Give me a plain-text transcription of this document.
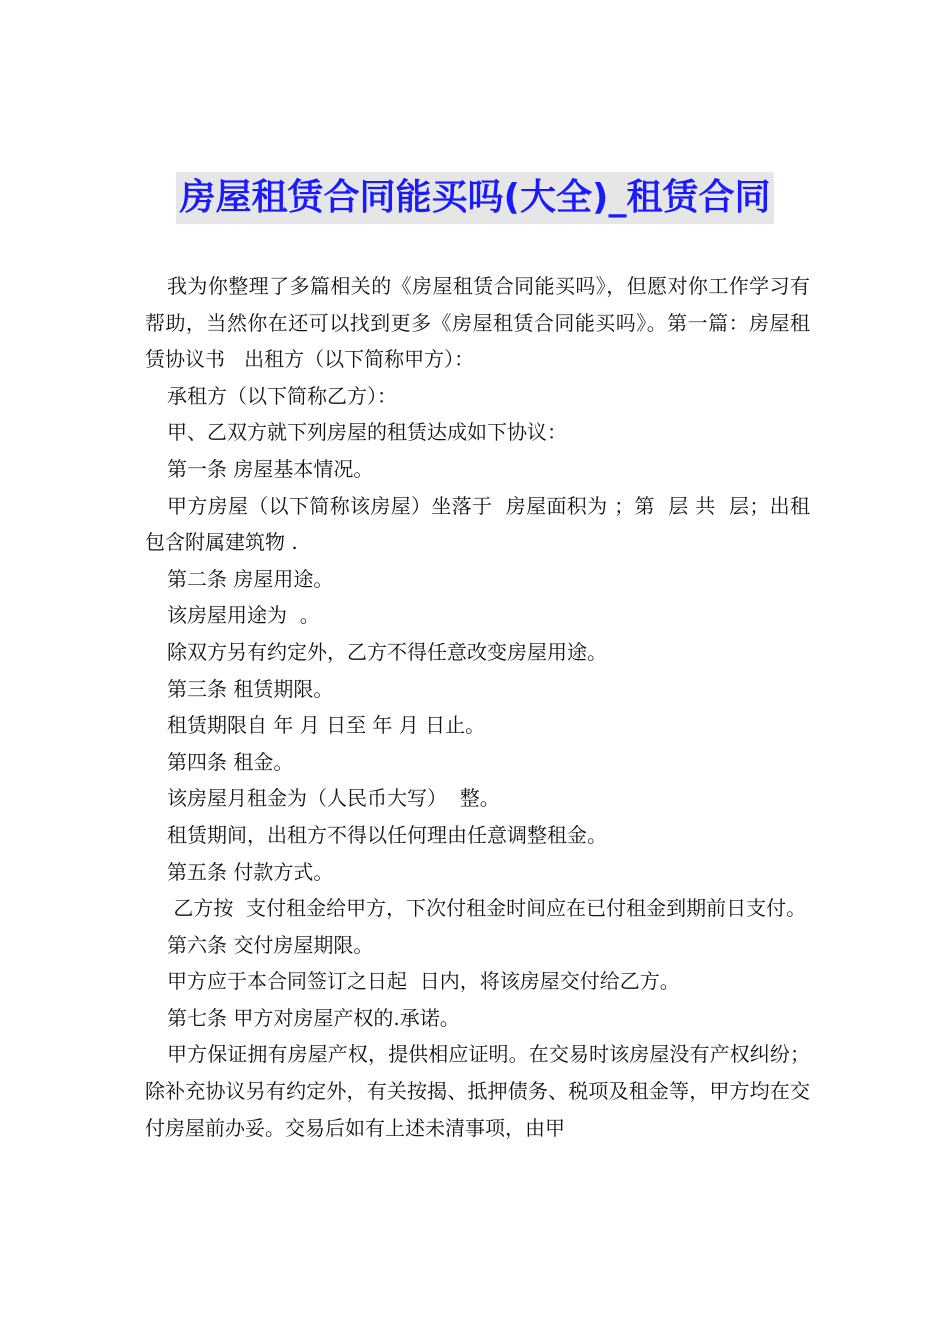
房屋租赁合同能买吗(大全)_租赁合同

我为你整理了多篇相关的《房屋租赁合同能买吗》，但愿对你工作学习有帮助，当然你在还可以找到更多《房屋租赁合同能买吗》。第一篇：房屋租赁协议书   出租方（以下简称甲方）：

承租方（以下简称乙方）：

甲、乙双方就下列房屋的租赁达成如下协议：

第一条 房屋基本情况。

甲方房屋（以下简称该房屋）坐落于  房屋面积为 ；第  层 共  层；出租包含附属建筑物 .

第二条 房屋用途。

该房屋用途为  。

除双方另有约定外，乙方不得任意改变房屋用途。

第三条 租赁期限。

租赁期限自 年 月 日至 年 月 日止。

第四条 租金。

该房屋月租金为（人民币大写）  整。

租赁期间，出租方不得以任何理由任意调整租金。

第五条 付款方式。

乙方按  支付租金给甲方，下次付租金时间应在已付租金到期前日支付。

第六条 交付房屋期限。

甲方应于本合同签订之日起  日内，将该房屋交付给乙方。

第七条 甲方对房屋产权的.承诺。

甲方保证拥有房屋产权，提供相应证明。在交易时该房屋没有产权纠纷；除补充协议另有约定外，有关按揭、抵押债务、税项及租金等，甲方均在交付房屋前办妥。交易后如有上述未清事项，由甲
